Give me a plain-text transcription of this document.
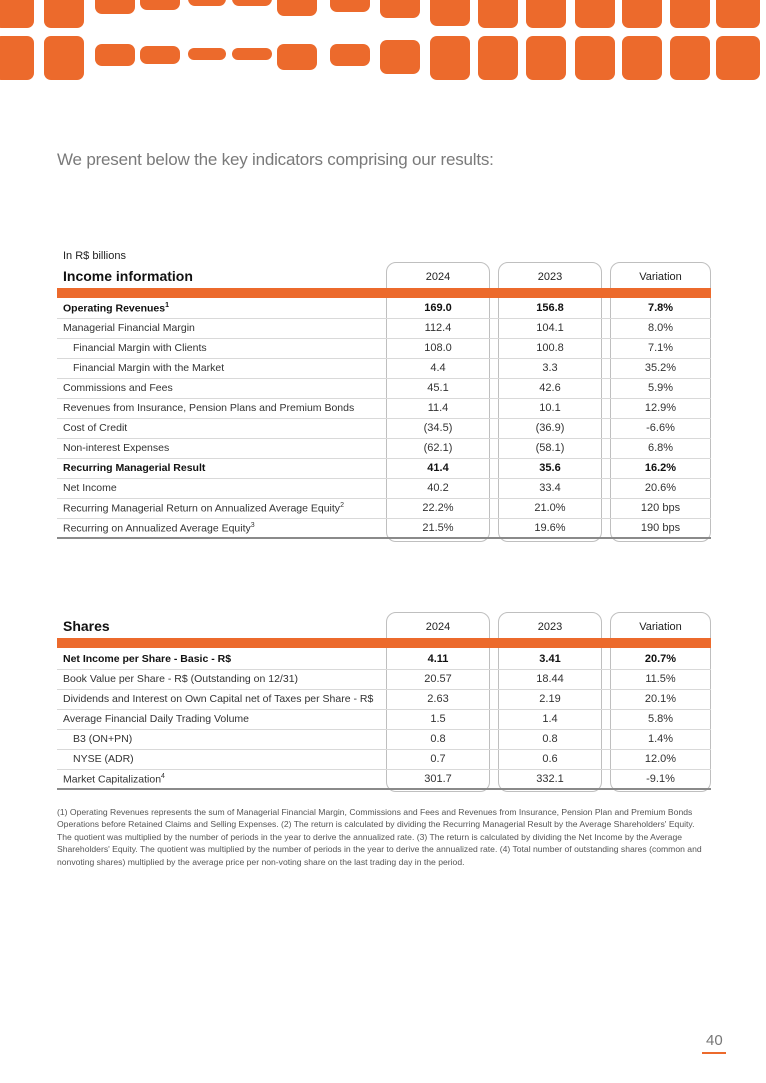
We present below the key indicators comprising our results:
In R$ billions
Income information	2024	2023	Variation
Operating Revenues$^1$	169.0	156.8	7.8%
Managerial Financial Margin	112.4	104.1	8.0%
Financial Margin with Clients	108.0	100.8	7.1%
Financial Margin with the Market	4.4	3.3	35.2%
Commissions and Fees	45.1	42.6	5.9%
Revenues from Insurance, Pension Plans and Premium Bonds	11.4	10.1	12.9%
Cost of Credit	(34.5)	(36.9)	-6.6%
Non-interest Expenses	(62.1)	(58.1)	6.8%
Recurring Managerial Result	41.4	35.6	16.2%
Net Income	40.2	33.4	20.6%
Recurring Managerial Return on Annualized Average Equity$^2$	22.2%	21.0%	120 bps
Recurring on Annualized Average Equity$^3$	21.5%	19.6%	190 bps
Shares	2024	2023	Variation
Net Income per Share - Basic - R$	4.11	3.41	20.7%
Book Value per Share - R$ (Outstanding on 12/31)	20.57	18.44	11.5%
Dividends and Interest on Own Capital net of Taxes per Share - R$	2.63	2.19	20.1%
Average Financial Daily Trading Volume	1.5	1.4	5.8%
B3 (ON+PN)	0.8	0.8	1.4%
NYSE (ADR)	0.7	0.6	12.0%
Market Capitalization$^4$	301.7	332.1	-9.1%
(1) Operating Revenues represents the sum of Managerial Financial Margin, Commissions and Fees and Revenues from Insurance, Pension Plan and Premium Bonds Operations before Retained Claims and Selling Expenses. (2) The return is calculated by dividing the Recurring Managerial Result by the Average Shareholders' Equity. The quotient was multiplied by the number of periods in the year to derive the annualized rate. (3) The return is calculated by dividing the Net Income by the Average Shareholders' Equity. The quotient was multiplied by the number of periods in the year to derive the annualized rate. (4) Total number of outstanding shares (common and nonvoting shares) multiplied by the average price per non-voting share on the last trading day in the period.
40
